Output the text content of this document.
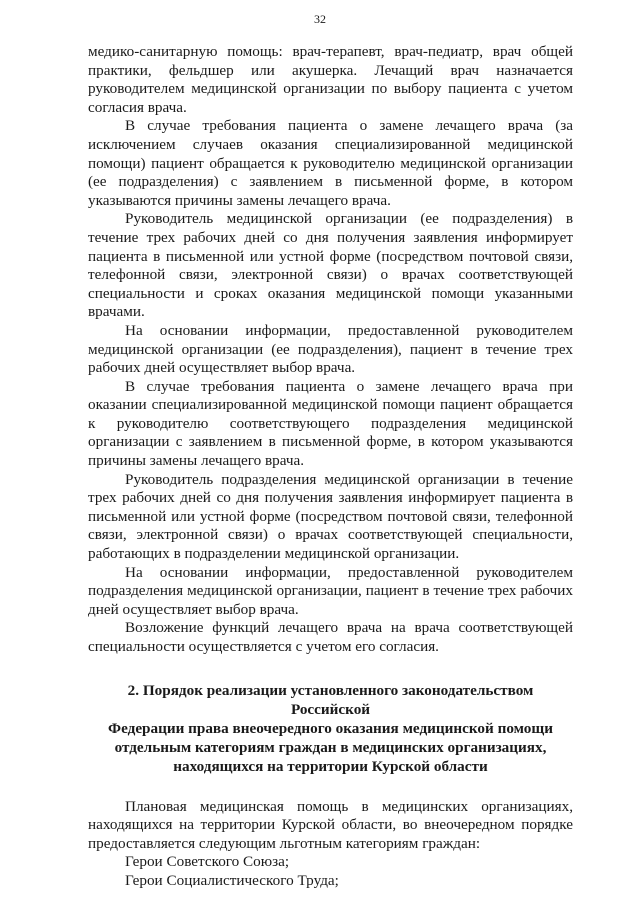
32

медико-санитарную помощь: врач-терапевт, врач-педиатр, врач общей практики, фельдшер или акушерка. Лечащий врач назначается руководителем медицинской организации по выбору пациента с учетом согласия врача.

В случае требования пациента о замене лечащего врача (за исключением случаев оказания специализированной медицинской помощи) пациент обращается к руководителю медицинской организации (ее подразделения) с заявлением в письменной форме, в котором указываются причины замены лечащего врача.

Руководитель медицинской организации (ее подразделения) в течение трех рабочих дней со дня получения заявления информирует пациента в письменной или устной форме (посредством почтовой связи, телефонной связи, электронной связи) о врачах соответствующей специальности и сроках оказания медицинской помощи указанными врачами.

На основании информации, предоставленной руководителем медицинской организации (ее подразделения), пациент в течение трех рабочих дней осуществляет выбор врача.

В случае требования пациента о замене лечащего врача при оказании специализированной медицинской помощи пациент обращается к руководителю соответствующего подразделения медицинской организации с заявлением в письменной форме, в котором указываются причины замены лечащего врача.

Руководитель подразделения медицинской организации в течение трех рабочих дней со дня получения заявления информирует пациента в письменной или устной форме (посредством почтовой связи, телефонной связи, электронной связи) о врачах соответствующей специальности, работающих в подразделении медицинской организации.

На основании информации, предоставленной руководителем подразделения медицинской организации, пациент в течение трех рабочих дней осуществляет выбор врача.

Возложение функций лечащего врача на врача соответствующей специальности осуществляется с учетом его согласия.

2. Порядок реализации установленного законодательством Российской
Федерации права внеочередного оказания медицинской помощи
отдельным категориям граждан в медицинских организациях,
находящихся на территории Курской области

Плановая медицинская помощь в медицинских организациях, находящихся на территории Курской области, во внеочередном порядке предоставляется следующим льготным категориям граждан:

Герои Советского Союза;

Герои Социалистического Труда;
